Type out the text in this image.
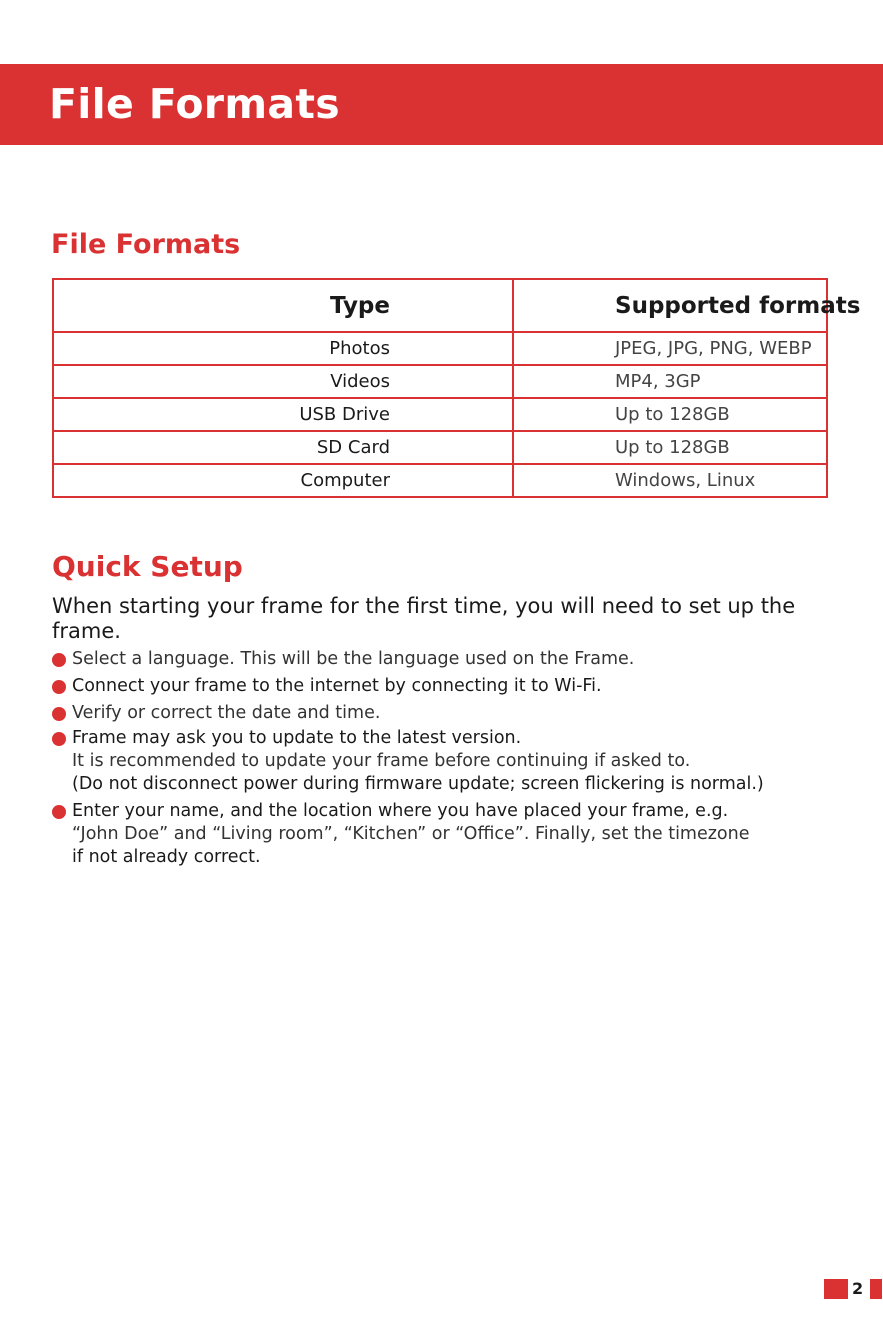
File Formats
File Formats
Type	Supported formats
Photos	JPEG, JPG, PNG, WEBP
Videos	MP4, 3GP
USB Drive	Up to 128GB
SD Card	Up to 128GB
Computer	Windows, Linux
Quick Setup

When starting your frame for the first time, you will need to set up the frame.

Select a language. This will be the language used on the Frame.
Connect your frame to the internet by connecting it to Wi-Fi.
Verify or correct the date and time.
Frame may ask you to update to the latest version.
It is recommended to update your frame before continuing if asked to.
(Do not disconnect power during firmware update; screen flickering is normal.)
Enter your name, and the location where you have placed your frame, e.g.
“John Doe” and “Living room”, “Kitchen” or “Office”. Finally, set the timezone
if not already correct.
2
